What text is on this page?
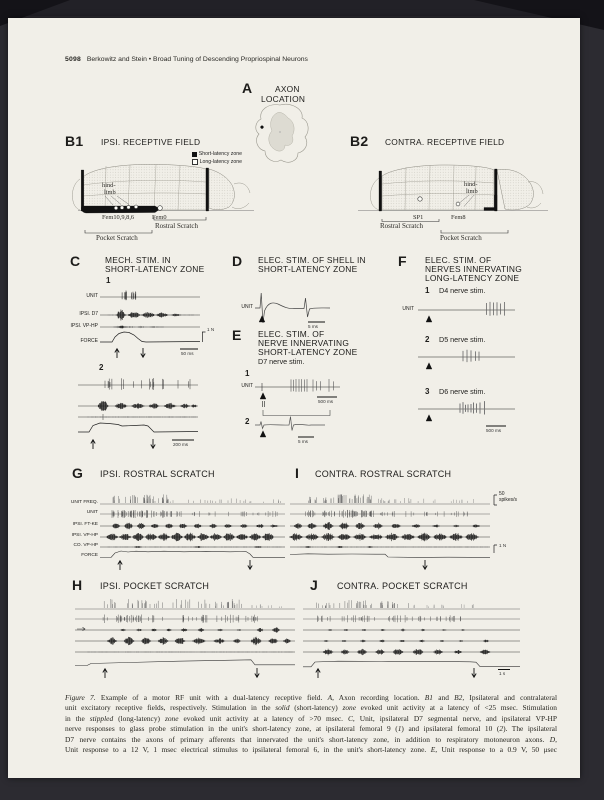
5098 Berkowitz and Stein • Broad Tuning of Descending Propriospinal Neurons
A	AXON
LOCATION
B1 IPSI. RECEPTIVE FIELD
Short-latency zone
Long-latency zone
hind-
limb
Fem10,9,8,6	Fem0
Rostral Scratch
Pocket Scratch
B2 CONTRA. RECEPTIVE FIELD
hind-
limb
SP1	Fem8
Rostral Scratch
Pocket Scratch
C	MECH. STIM. IN
SHORT-LATENCY ZONE
1
UNIT
IPSI. D7
IPSI. VP-HP
FORCE
1 N
50 ms
2
200 ms
D ELEC. STIM. OF SHELL IN
SHORT-LATENCY ZONE
UNIT
5 ms
E ELEC. STIM. OF
NERVE INNERVATING
SHORT-LATENCY ZONE
D7 nerve stim.
1
UNIT
500 ms
2
5 ms
F ELEC. STIM. OF
NERVES INNERVATING
LONG-LATENCY ZONE
1 D4 nerve stim.
UNIT
2 D5 nerve stim.
3 D6 nerve stim.
500 ms
G IPSI. ROSTRAL SCRATCH
UNIT FREQ.
UNIT
IPSI. FT-KE
IPSI. VP-HP
CO. VP-HP
FORCE
I CONTRA. ROSTRAL SCRATCH
50
spikes/s
1 N
H IPSI. POCKET SCRATCH	J CONTRA. POCKET SCRATCH
1 s
Figure 7. Example of a motor RF unit with a dual-latency receptive field. A, Axon recording location. B1 and B2, Ipsilateral and contralateral
unit excitatory receptive fields, respectively. Stimulation in the solid (short-latency) zone evoked unit activity at a latency of <25 msec. Stimulation
in the stippled (long-latency) zone evoked unit activity at a latency of >70 msec. C, Unit, ipsilateral D7 segmental nerve, and ipsilateral VP-HP
nerve responses to glass probe stimulation in the unit's short-latency zone, at ipsilateral femoral 9 (1) and ipsilateral femoral 10 (2). The ipsilateral
D7 nerve contains the axons of primary afferents that innervated the unit's short-latency zone, in addition to respiratory motoneuron axons. D,
Unit response to a 12 V, 1 msec electrical stimulus to ipsilateral femoral 6, in the unit's short-latency zone. E, Unit response to a 0.9 V, 50 μsec
